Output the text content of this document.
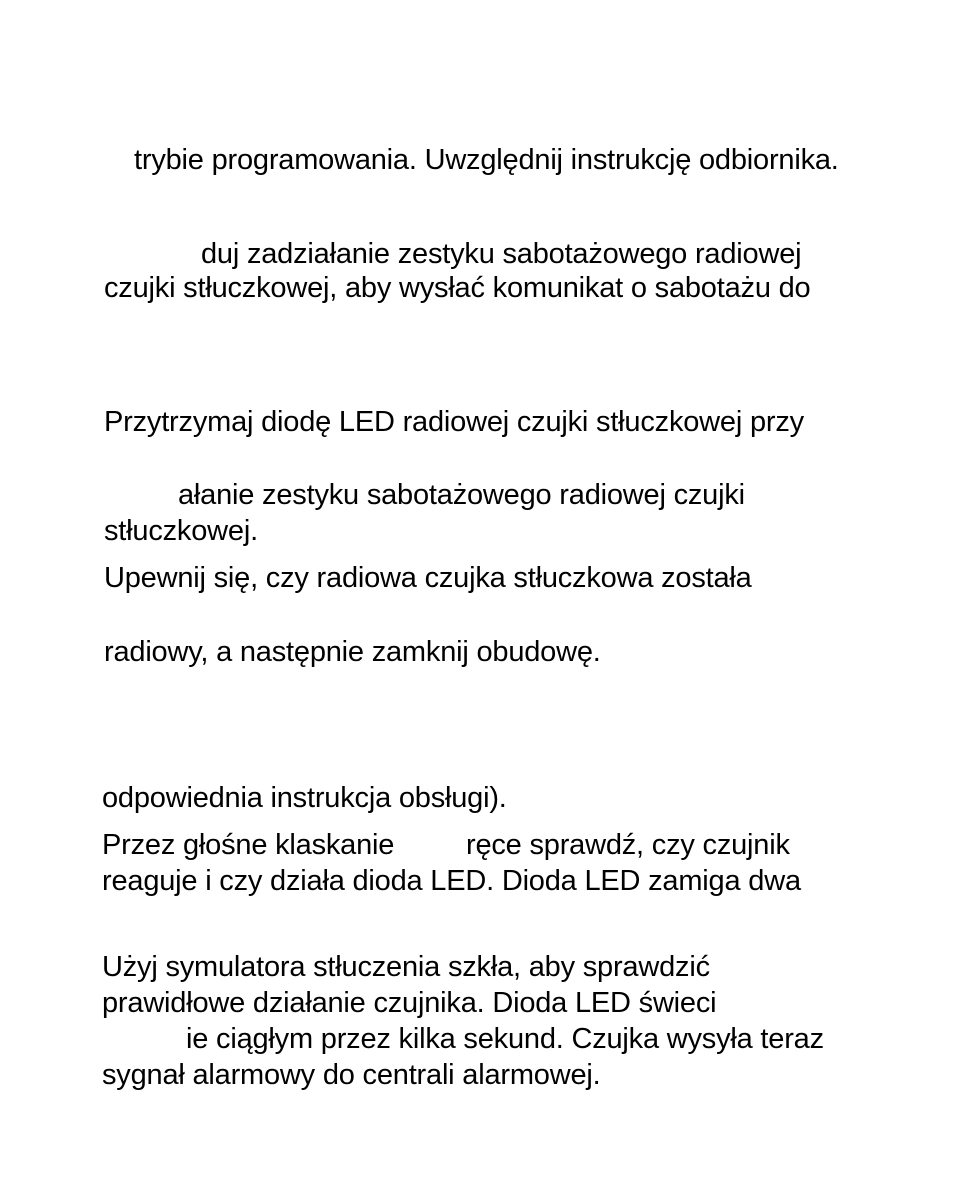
trybie programowania. Uwzględnij instrukcję odbiornika.
duj zadziałanie zestyku sabotażowego radiowej
czujki stłuczkowej, aby wysłać komunikat o sabotażu do
Przytrzymaj diodę LED radiowej czujki stłuczkowej przy
ałanie zestyku sabotażowego radiowej czujki
stłuczkowej.
Upewnij się, czy radiowa czujka stłuczkowa została
radiowy, a następnie zamknij obudowę.
odpowiednia instrukcja obsługi).
Przez głośne klaskanie ręce sprawdź, czy czujnik
reaguje i czy działa dioda LED. Dioda LED zamiga dwa
Użyj symulatora stłuczenia szkła, aby sprawdzić
prawidłowe działanie czujnika. Dioda LED świeci
ie ciągłym przez kilka sekund. Czujka wysyła teraz
sygnał alarmowy do centrali alarmowej.
